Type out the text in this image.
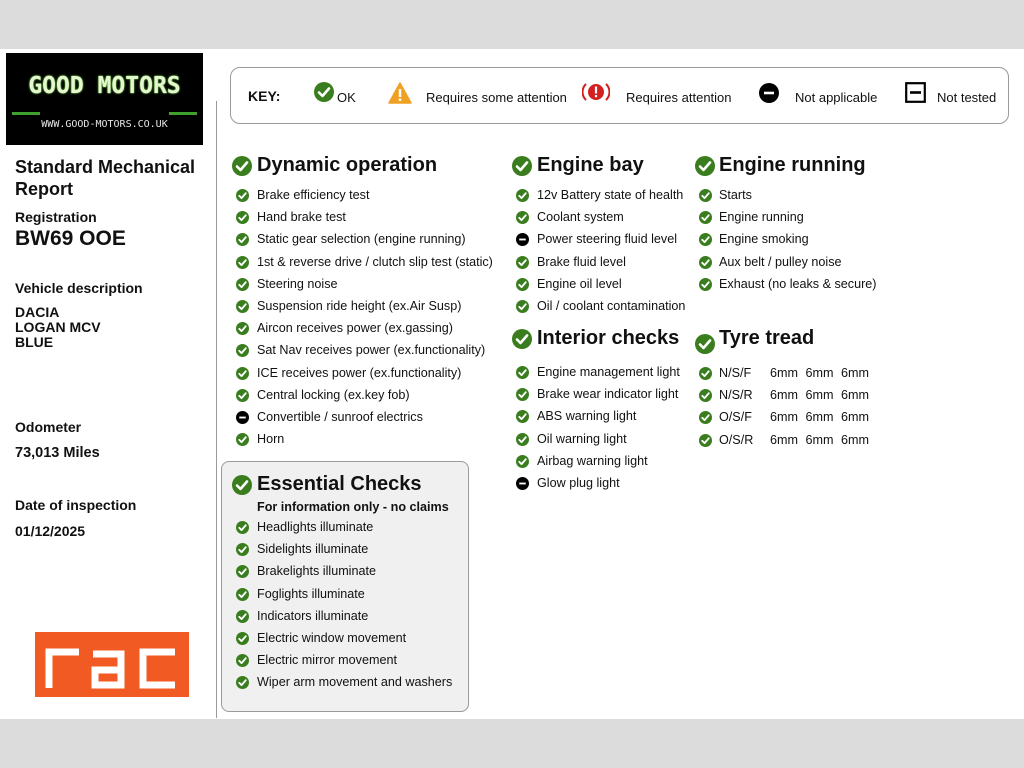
GOOD MOTORS
WWW.GOOD-MOTORS.CO.UK
Standard Mechanical Report
Registration
BW69 OOE
Vehicle description
DACIA
LOGAN MCV
BLUE
Odometer
73,013 Miles
Date of inspection
01/12/2025
KEY:	OK	Requires some attention	Requires attention	Not applicable	Not tested
Dynamic operation
Brake efficiency test
Hand brake test
Static gear selection (engine running)
1st & reverse drive / clutch slip test (static)
Steering noise
Suspension ride height (ex.Air Susp)
Aircon receives power (ex.gassing)
Sat Nav receives power (ex.functionality)
ICE receives power (ex.functionality)
Central locking (ex.key fob)
Convertible / sunroof electrics
Horn
Essential Checks
For information only - no claims
Headlights illuminate
Sidelights illuminate
Brakelights illuminate
Foglights illuminate
Indicators illuminate
Electric window movement
Electric mirror movement
Wiper arm movement and washers
Engine bay
12v Battery state of health
Coolant system
Power steering fluid level
Brake fluid level
Engine oil level
Oil / coolant contamination
Interior checks
Engine management light
Brake wear indicator light
ABS warning light
Oil warning light
Airbag warning light
Glow plug light
Engine running
Starts
Engine running
Engine smoking
Aux belt / pulley noise
Exhaust (no leaks & secure)
Tyre tread
N/S/F 6mm 6mm 6mm
N/S/R 6mm 6mm 6mm
O/S/F 6mm 6mm 6mm
O/S/R 6mm 6mm 6mm
